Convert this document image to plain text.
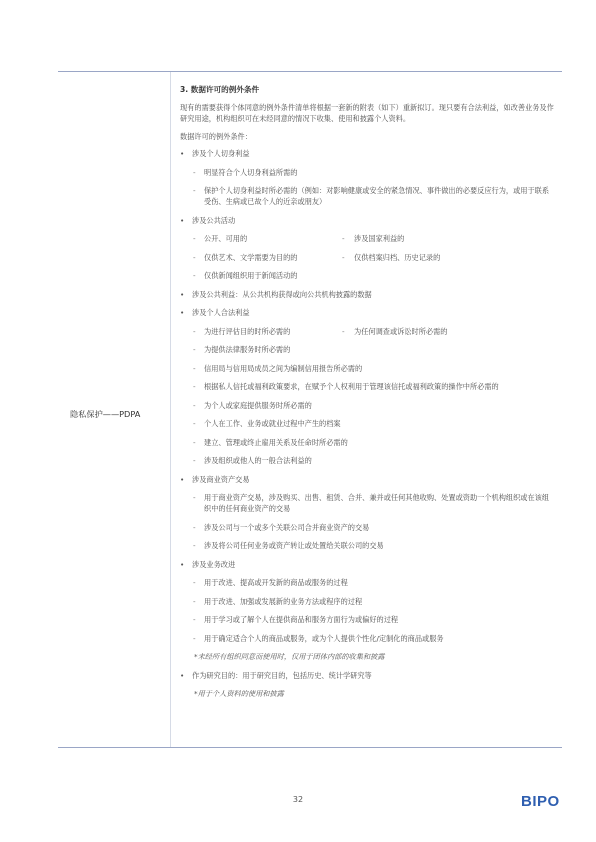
隐私保护——PDPA
3. 数据许可的例外条件

现有的需要获得个体同意的例外条件清单将根据一套新的附表（如下）重新拟订。现只要有合法利益，如改善业务及作研究用途，机构组织可在未经同意的情况下收集、使用和披露个人资料。

数据许可的例外条件：

• 涉及个人切身利益
- 明显符合个人切身利益所需的
- 保护个人切身利益时所必需的（例如：对影响健康或安全的紧急情况、事件做出的必要反应行为，或用于联系受伤、生病或已故个人的近亲或朋友）
• 涉及公共活动
- 公开、可用的	- 涉及国家利益的
- 仅供艺术、文学需要为目的的	- 仅供档案归档、历史记录的
- 仅供新闻组织用于新闻活动的
• 涉及公共利益：从公共机构获得或向公共机构披露的数据
• 涉及个人合法利益
- 为进行评估目的时所必需的	- 为任何调查或诉讼时所必需的
- 为提供法律服务时所必需的
- 信用局与信用局成员之间为编制信用报告所必需的
- 根据私人信托或福利政策要求，在赋予个人权利用于管理该信托或福利政策的操作中所必需的
- 为个人或家庭提供服务时所必需的
- 个人在工作、业务或就业过程中产生的档案
- 建立、管理或终止雇用关系及任命时所必需的
- 涉及组织或他人的一般合法利益的
• 涉及商业资产交易
- 用于商业资产交易，涉及购买、出售、租赁、合并、兼并或任何其他收购、处置或资助一个机构组织或在该组织中的任何商业资产的交易
- 涉及公司与一个或多个关联公司合并商业资产的交易
- 涉及将公司任何业务或资产转让或处置给关联公司的交易
• 涉及业务改进
- 用于改进、提高或开发新的商品或服务的过程
- 用于改进、加强或发展新的业务方法或程序的过程
- 用于学习或了解个人在提供商品和服务方面行为或偏好的过程
- 用于确定适合个人的商品或服务，或为个人提供个性化/定制化的商品或服务
*未经所有组织同意而使用时，仅用于团体内部的收集和披露
• 作为研究目的：用于研究目的，包括历史、统计学研究等
*用于个人资料的使用和披露
32	BIPO
